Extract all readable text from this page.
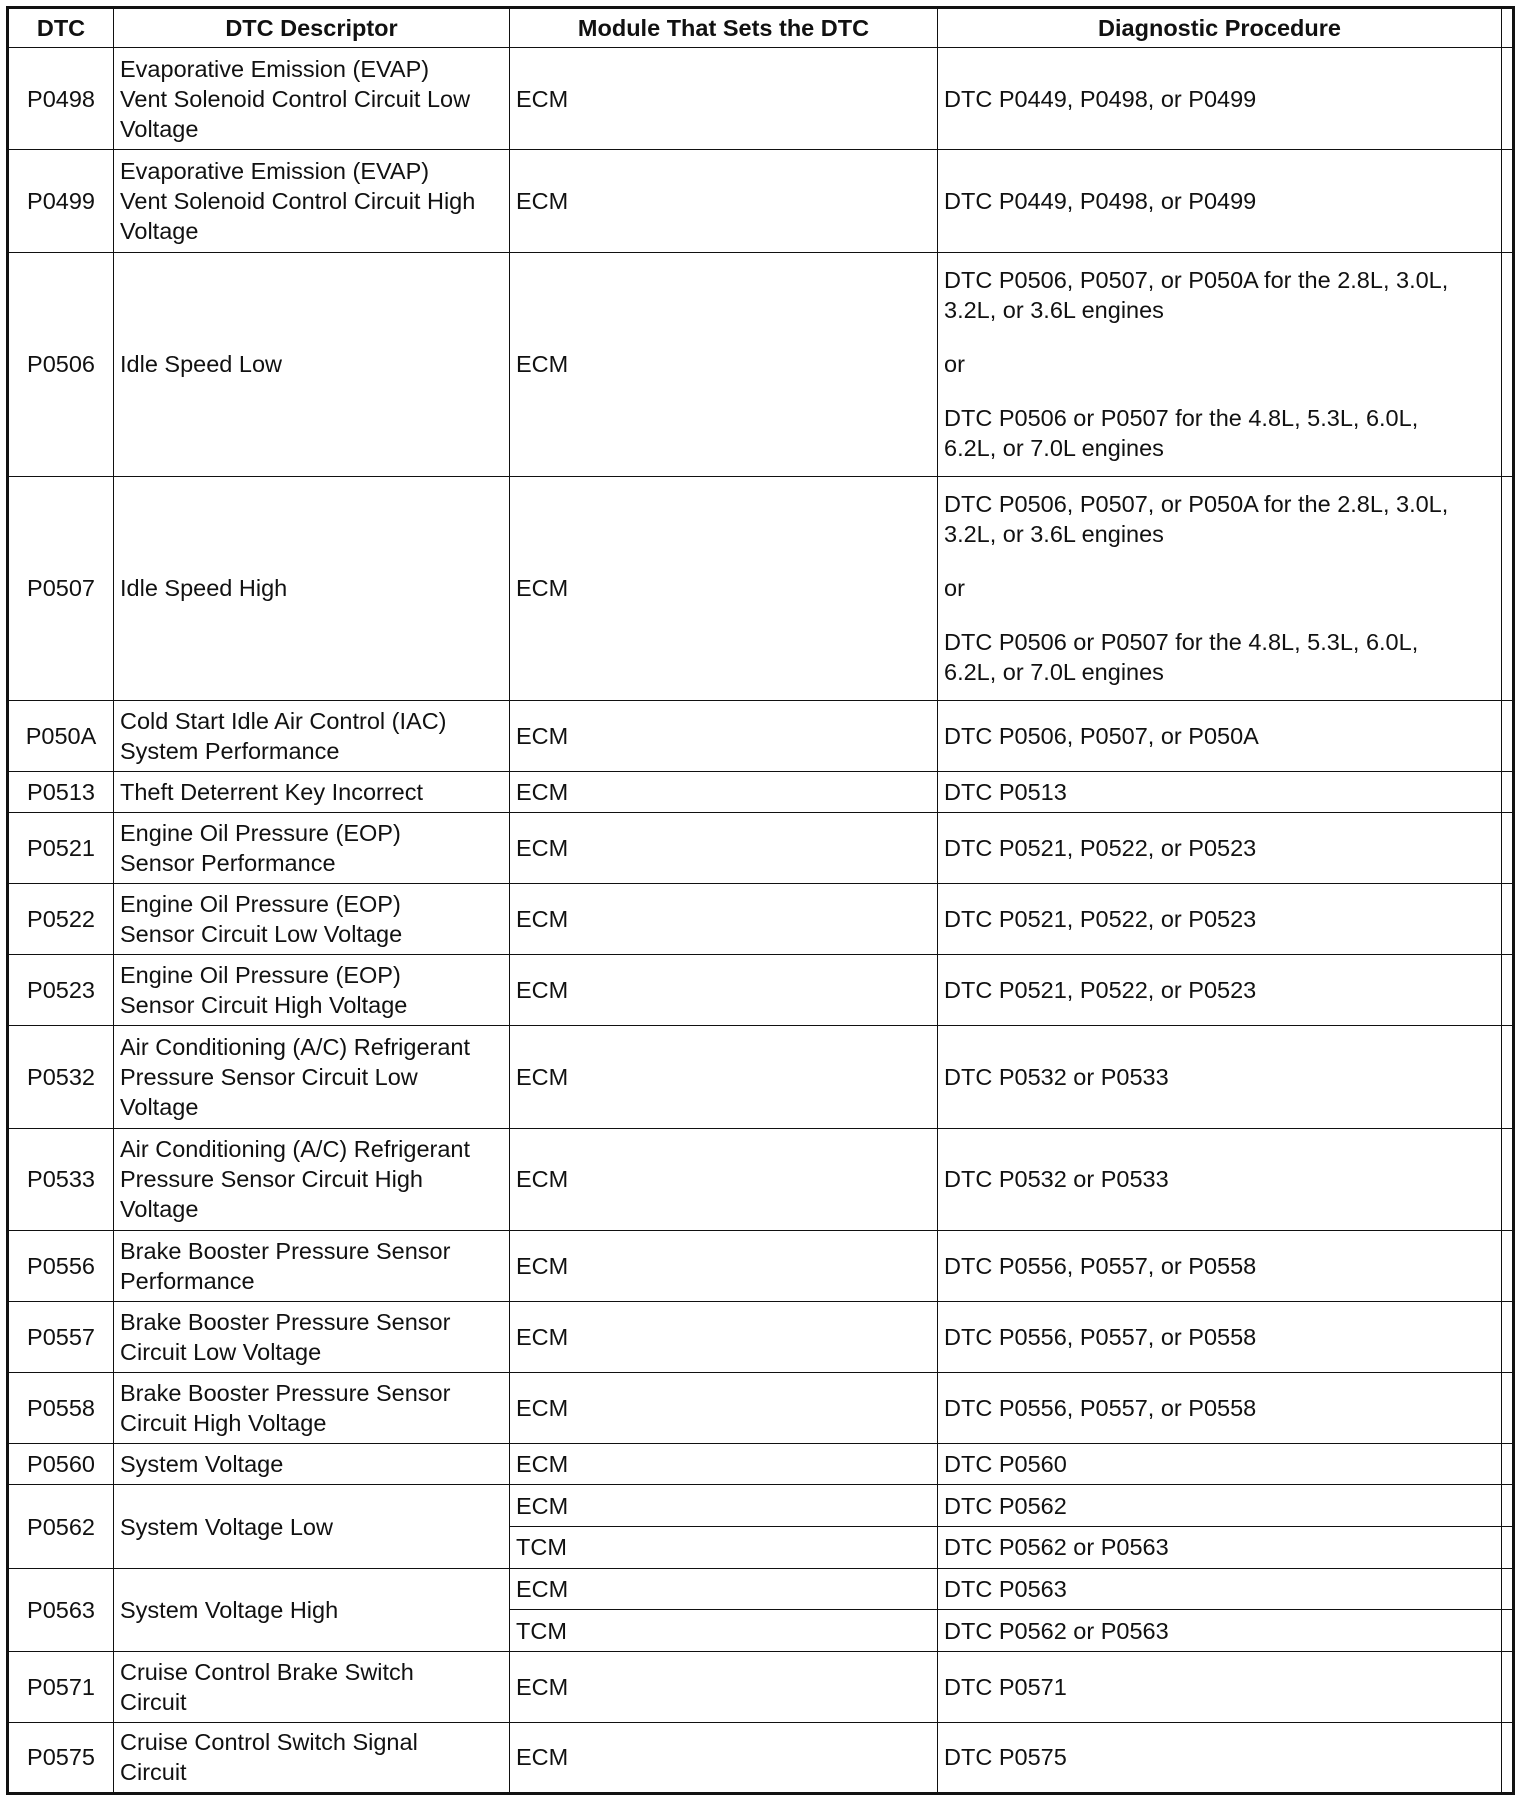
DTC	DTC Descriptor	Module That Sets the DTC	Diagnostic Procedure	
P0498	Evaporative Emission (EVAP)
Vent Solenoid Control Circuit Low
Voltage	ECM	DTC P0449, P0498, or P0499	

P0499	Evaporative Emission (EVAP)
Vent Solenoid Control Circuit High
Voltage	ECM	DTC P0449, P0498, or P0499	

P0506	Idle Speed Low	ECM	DTC P0506, P0507, or P050A for the 2.8L, 3.0L,
3.2L, or 3.6L engines
or
DTC P0506 or P0507 for the 4.8L, 5.3L, 6.0L,
6.2L, or 7.0L engines	

P0507	Idle Speed High	ECM	DTC P0506, P0507, or P050A for the 2.8L, 3.0L,
3.2L, or 3.6L engines
or
DTC P0506 or P0507 for the 4.8L, 5.3L, 6.0L,
6.2L, or 7.0L engines	

P050A	Cold Start Idle Air Control (IAC)
System Performance	ECM	DTC P0506, P0507, or P050A	

P0513	Theft Deterrent Key Incorrect	ECM	DTC P0513	

P0521	Engine Oil Pressure (EOP)
Sensor Performance	ECM	DTC P0521, P0522, or P0523	

P0522	Engine Oil Pressure (EOP)
Sensor Circuit Low Voltage	ECM	DTC P0521, P0522, or P0523	

P0523	Engine Oil Pressure (EOP)
Sensor Circuit High Voltage	ECM	DTC P0521, P0522, or P0523	

P0532	Air Conditioning (A/C) Refrigerant
Pressure Sensor Circuit Low
Voltage	ECM	DTC P0532 or P0533	

P0533	Air Conditioning (A/C) Refrigerant
Pressure Sensor Circuit High
Voltage	ECM	DTC P0532 or P0533	

P0556	Brake Booster Pressure Sensor
Performance	ECM	DTC P0556, P0557, or P0558	

P0557	Brake Booster Pressure Sensor
Circuit Low Voltage	ECM	DTC P0556, P0557, or P0558	

P0558	Brake Booster Pressure Sensor
Circuit High Voltage	ECM	DTC P0556, P0557, or P0558	

P0560	System Voltage	ECM	DTC P0560	

P0562	System Voltage Low	ECM	DTC P0562	
		TCM	DTC P0562 or P0563	
P0563	System Voltage High	ECM	DTC P0563	
		TCM	DTC P0562 or P0563	
P0571	Cruise Control Brake Switch
Circuit	ECM	DTC P0571	

P0575	Cruise Control Switch Signal
Circuit	ECM	DTC P0575	
